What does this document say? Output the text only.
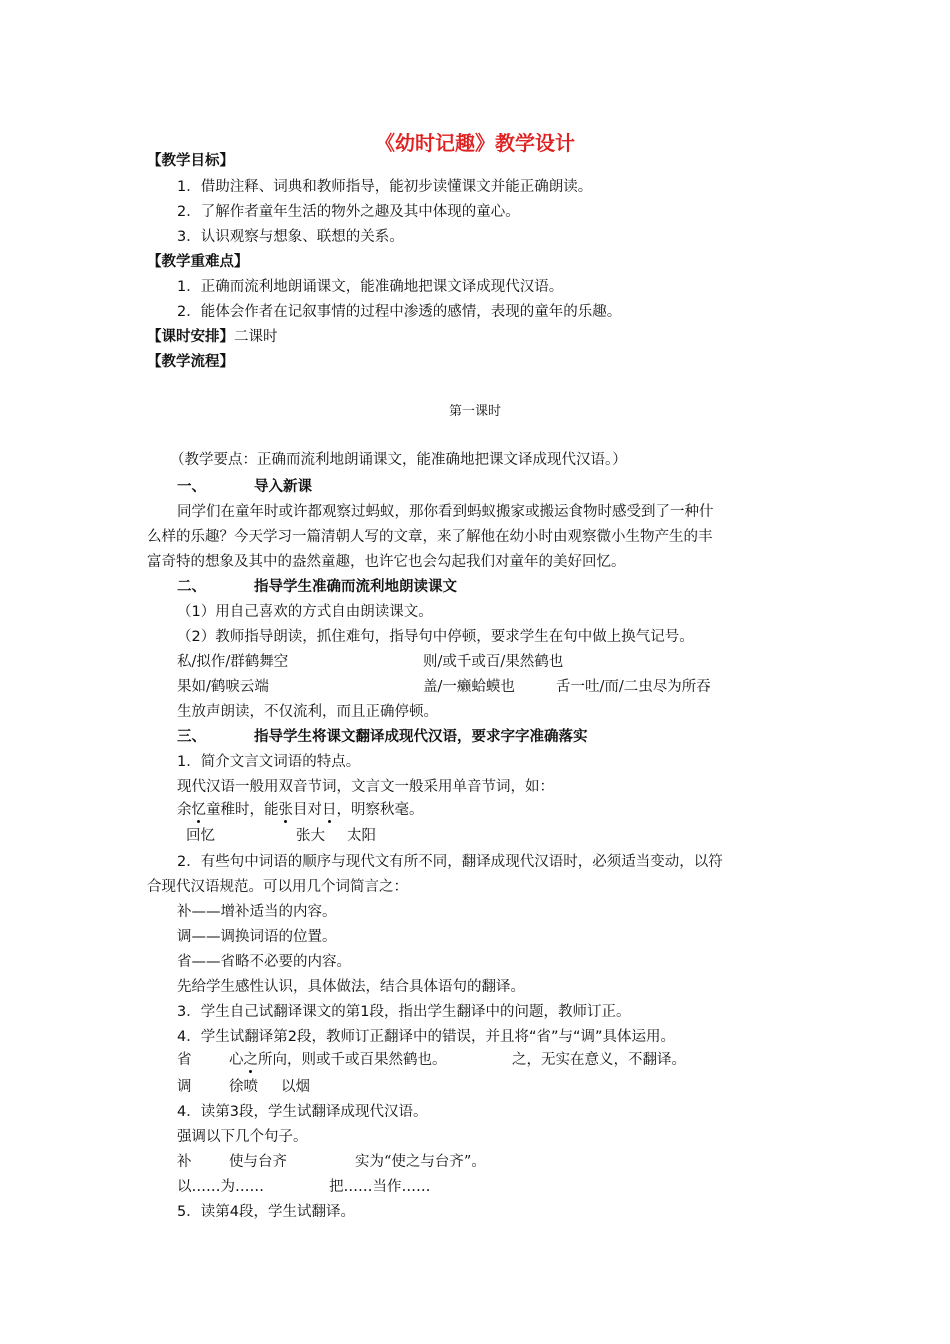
《幼时记趣》教学设计
【教学目标】
1．借助注释、词典和教师指导，能初步读懂课文并能正确朗读。
2．了解作者童年生活的物外之趣及其中体现的童心。
3．认识观察与想象、联想的关系。
【教学重难点】
1．正确而流利地朗诵课文，能准确地把课文译成现代汉语。
2．能体会作者在记叙事情的过程中渗透的感情，表现的童年的乐趣。
【课时安排】二课时
【教学流程】
第一课时
（教学要点：正确而流利地朗诵课文，能准确地把课文译成现代汉语。）
一、	导入新课
同学们在童年时或许都观察过蚂蚁，那你看到蚂蚁搬家或搬运食物时感受到了一种什
么样的乐趣？今天学习一篇清朝人写的文章，来了解他在幼小时由观察微小生物产生的丰
富奇特的想象及其中的盎然童趣，也许它也会勾起我们对童年的美好回忆。
二、	指导学生准确而流利地朗读课文
（1）用自己喜欢的方式自由朗读课文。
（2）教师指导朗读，抓住难句，指导句中停顿，要求学生在句中做上换气记号。
私/拟作/群鹤舞空	则/或千或百/果然鹤也
果如/鹤唳云端	盖/一癞蛤蟆也	舌一吐/而/二虫尽为所吞
生放声朗读，不仅流利，而且正确停顿。
三、	指导学生将课文翻译成现代汉语，要求字字准确落实
1．简介文言文词语的特点。
现代汉语一般用双音节词，文言文一般采用单音节词，如：
余忆童稚时，能张目对日，明察秋毫。
回忆	张大 太阳
2．有些句中词语的顺序与现代文有所不同，翻译成现代汉语时，必须适当变动，以符
合现代汉语规范。可以用几个词简言之：
补——增补适当的内容。
调——调换词语的位置。
省——省略不必要的内容。
先给学生感性认识，具体做法，结合具体语句的翻译。
3．学生自己试翻译课文的第1段，指出学生翻译中的问题，教师订正。
4．学生试翻译第2段，教师订正翻译中的错误，并且将“省”与“调”具体运用。
省	心之所向，则或千或百果然鹤也。	之，无实在意义，不翻译。
调	徐喷 以烟
4．读第3段，学生试翻译成现代汉语。
强调以下几个句子。
补	使与台齐	实为“使之与台齐”。
以……为……	把……当作……
5．读第4段，学生试翻译。
